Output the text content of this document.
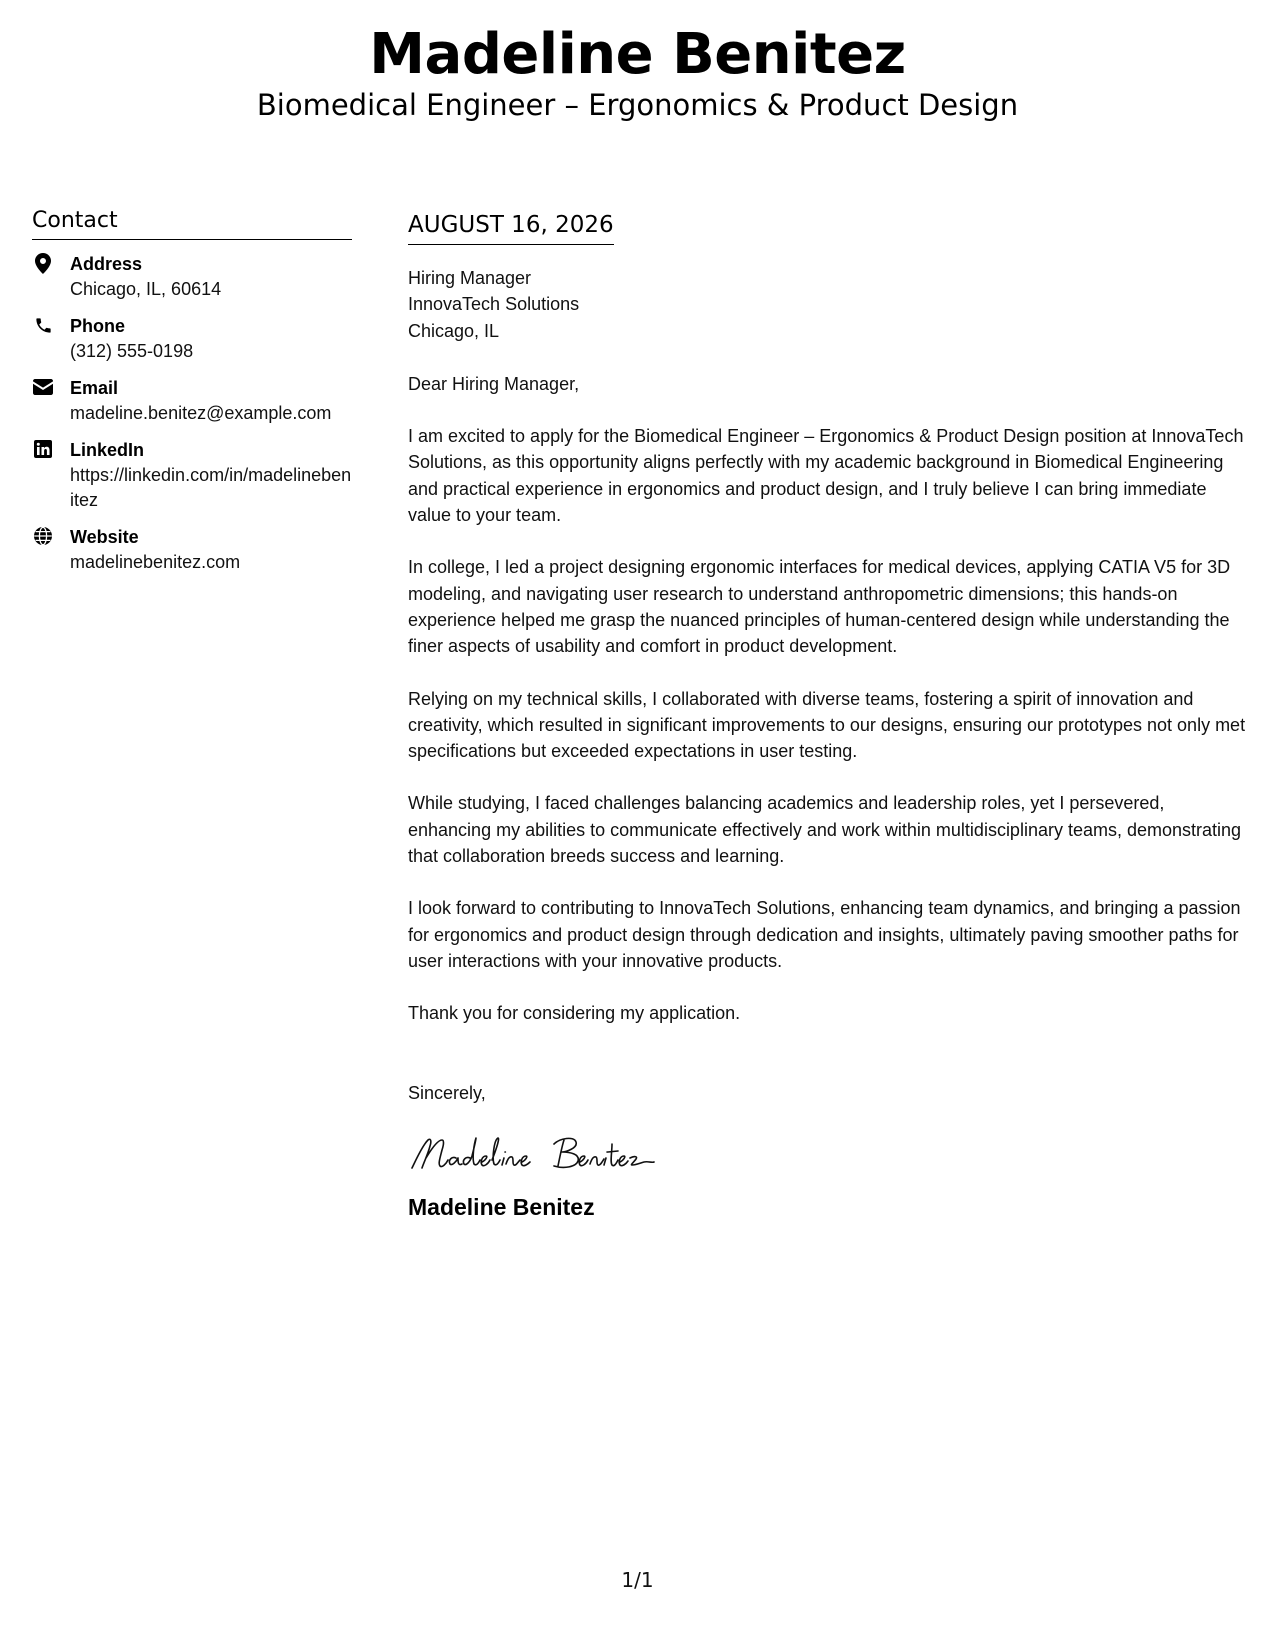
Madeline Benitez
Biomedical Engineer – Ergonomics & Product Design
Contact
Address
Chicago, IL, 60614
Phone
(312) 555-0198
Email
madeline.benitez@example.com
LinkedIn
https://linkedin.com/in/madelinebenitez
Website
madelinebenitez.com
AUGUST 16, 2026
Hiring Manager
InnovaTech Solutions
Chicago, IL

Dear Hiring Manager,

I am excited to apply for the Biomedical Engineer – Ergonomics & Product Design position at InnovaTech Solutions, as this opportunity aligns perfectly with my academic background in Biomedical Engineering and practical experience in ergonomics and product design, and I truly believe I can bring immediate value to your team.

In college, I led a project designing ergonomic interfaces for medical devices, applying CATIA V5 for 3D modeling, and navigating user research to understand anthropometric dimensions; this hands-on experience helped me grasp the nuanced principles of human-centered design while understanding the finer aspects of usability and comfort in product development.

Relying on my technical skills, I collaborated with diverse teams, fostering a spirit of innovation and creativity, which resulted in significant improvements to our designs, ensuring our prototypes not only met specifications but exceeded expectations in user testing.

While studying, I faced challenges balancing academics and leadership roles, yet I persevered, enhancing my abilities to communicate effectively and work within multidisciplinary teams, demonstrating that collaboration breeds success and learning.

I look forward to contributing to InnovaTech Solutions, enhancing team dynamics, and bringing a passion for ergonomics and product design through dedication and insights, ultimately paving smoother paths for user interactions with your innovative products.

Thank you for considering my application.

Sincerely,

Madeline Benitez
1/1
